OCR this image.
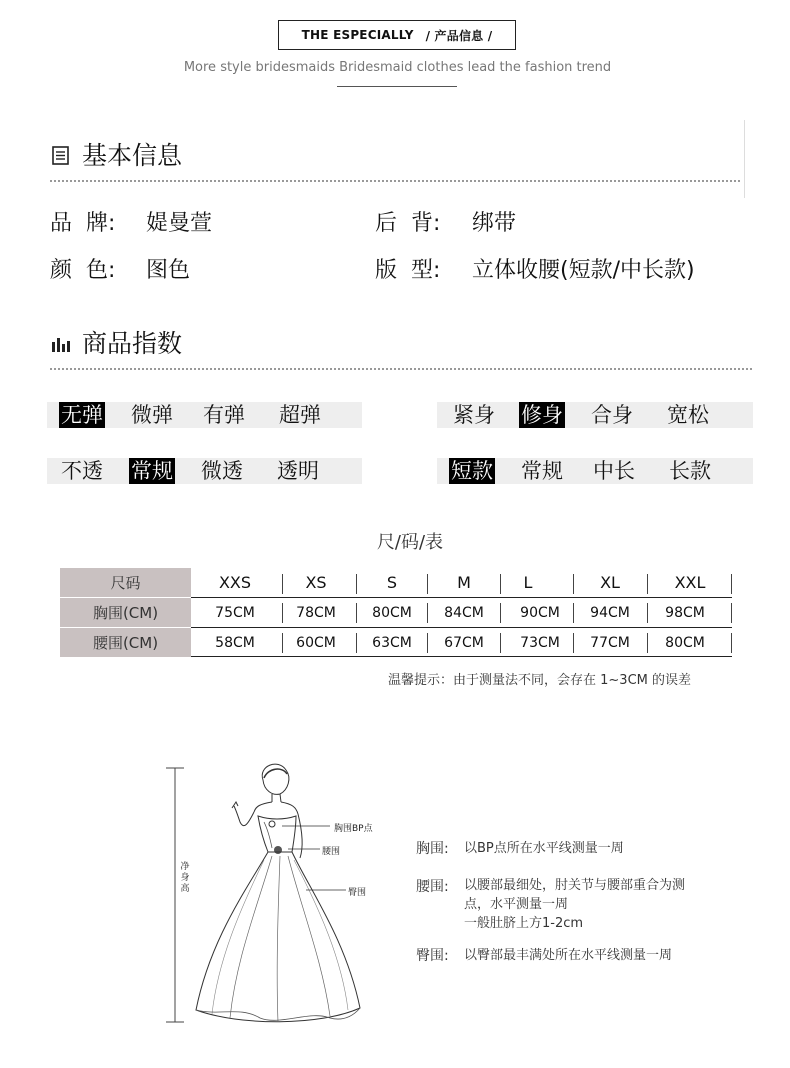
THE ESPECIALLY / 产品信息 /
More style bridesmaids Bridesmaid clothes lead the fashion trend
基本信息
品  牌: 媞曼萱	后  背: 绑带
颜  色: 图色	版  型: 立体收腰(短款/中长款)
商品指数
无弹 微弹 有弹 超弹	紧身 修身 合身 宽松
不透 常规 微透 透明	短款 常规 中长 长款
尺/码/表
尺码	XXS	XS	S	M	L	XL	XXL
胸围(CM)	75CM	78CM	80CM	84CM	90CM	94CM	98CM
腰围(CM)	58CM	60CM	63CM	67CM	73CM	77CM	80CM
温馨提示：由于测量法不同，会存在 1~3CM 的误差
胸围BP点
腰围
臀围
净身高
胸围: 以BP点所在水平线测量一周
腰围: 以腰部最细处，肘关节与腰部重合为测
点，水平测量一周
一般肚脐上方1-2cm
臀围: 以臀部最丰满处所在水平线测量一周
